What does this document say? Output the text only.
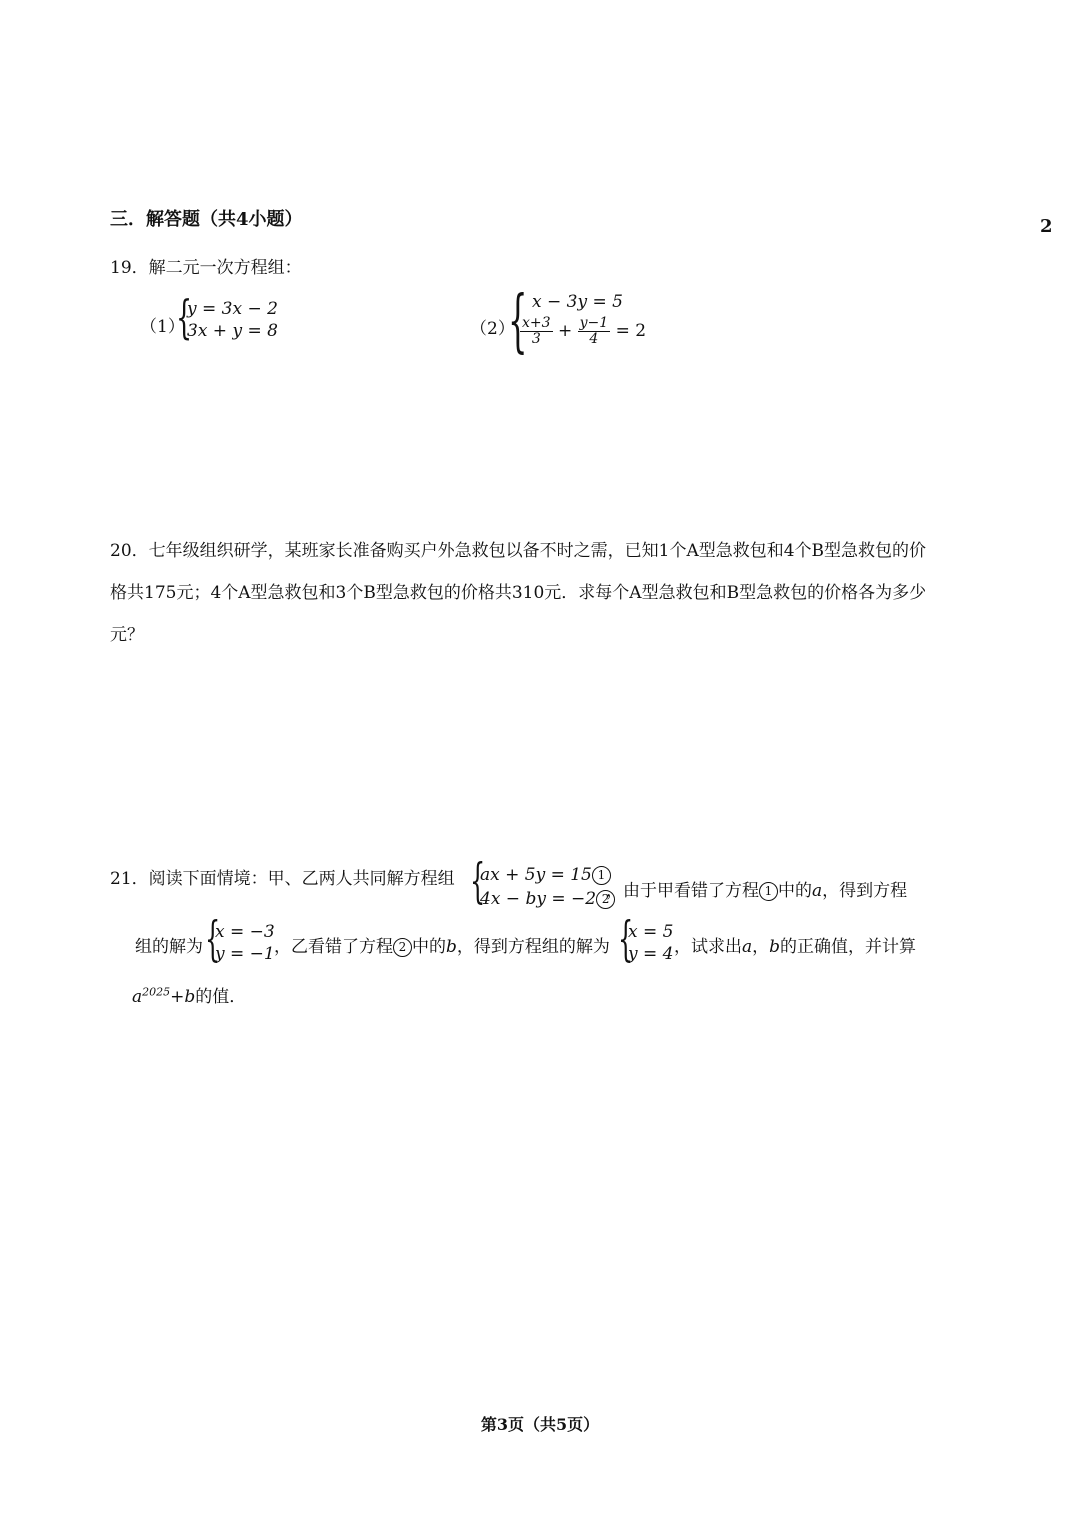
2
三．解答题（共4小题）
19．解二元一次方程组：
（1）
{
y = 3x − 2
3x + y = 8	（2）
{ x − 3y = 5
$\frac{x+3}{3} + \frac{y-1}{4} = 2$
20．七年级组织研学，某班家长准备购买户外急救包以备不时之需，已知1个A型急救包和4个B型急救包的价格共175元；4个A型急救包和3个B型急救包的价格共310元．求每个A型急救包和B型急救包的价格各为多少元？
21．阅读下面情境：甲、乙两人共同解方程组 {
ax + 5y = 15 1
4x − by = −2 2
，由于甲看错了方程 1 中的a，得到方程
{
x = −3
y = −1 ，乙看错了方程 2 中的b，得到方程组的解为 {
x = 5
y = 4 ，试求出a，b的正确值，并计算
$a^{2025}+b$的值．
组的解为
第3页（共5页）
